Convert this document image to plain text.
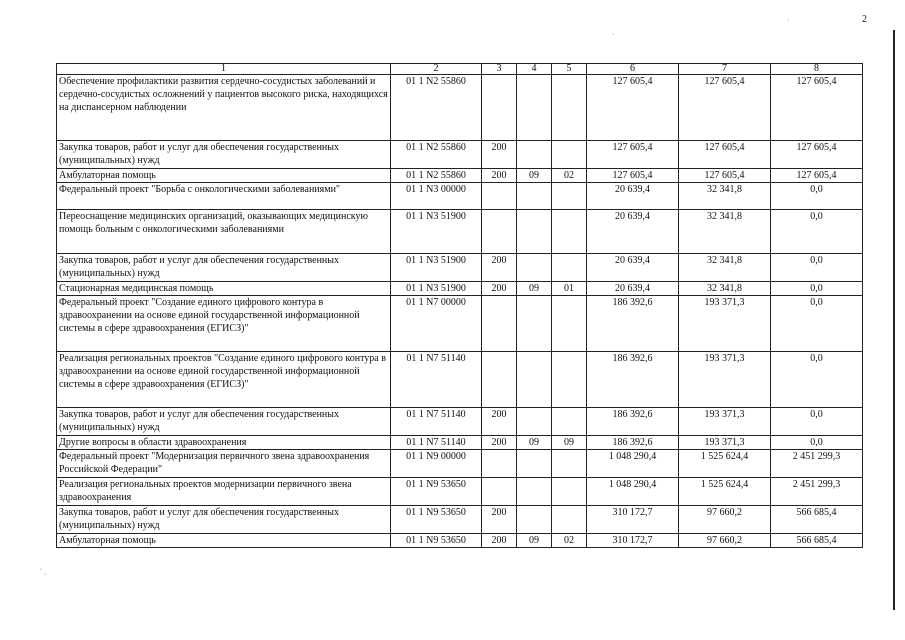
2
·
·
׳ ˎ
1	2	3	4	5	6	7	8
Обеспечение профилактики развития сердечно-сосудистых заболеваний и сердечно-сосудистых осложнений у пациентов высокого риска, находящихся на диспансерном наблюдении	01 1 N2 55860				127 605,4	127 605,4	127 605,4
Закупка товаров, работ и услуг для обеспечения государственных (муниципальных) нужд	01 1 N2 55860	200			127 605,4	127 605,4	127 605,4
Амбулаторная помощь	01 1 N2 55860	200	09	02	127 605,4	127 605,4	127 605,4
Федеральный проект "Борьба с онкологическими заболеваниями"	01 1 N3 00000				20 639,4	32 341,8	0,0
Переоснащение медицинских организаций, оказывающих медицинскую помощь больным с онкологическими заболеваниями	01 1 N3 51900				20 639,4	32 341,8	0,0
Закупка товаров, работ и услуг для обеспечения государственных (муниципальных) нужд	01 1 N3 51900	200			20 639,4	32 341,8	0,0
Стационарная медицинская помощь	01 1 N3 51900	200	09	01	20 639,4	32 341,8	0,0
Федеральный проект "Создание единого цифрового контура в здравоохранении на основе единой государственной информационной системы в сфере здравоохранения (ЕГИСЗ)"	01 1 N7 00000				186 392,6	193 371,3	0,0
Реализация региональных проектов "Создание единого цифрового контура в здравоохранении на основе единой государственной информационной системы в сфере здравоохранения (ЕГИСЗ)"	01 1 N7 51140				186 392,6	193 371,3	0,0
Закупка товаров, работ и услуг для обеспечения государственных (муниципальных) нужд	01 1 N7 51140	200			186 392,6	193 371,3	0,0
Другие вопросы в области здравоохранения	01 1 N7 51140	200	09	09	186 392,6	193 371,3	0,0
Федеральный проект "Модернизация первичного звена здравоохранения Российской Федерации"	01 1 N9 00000				1 048 290,4	1 525 624,4	2 451 299,3
Реализация региональных проектов модернизации первичного звена здравоохранения	01 1 N9 53650				1 048 290,4	1 525 624,4	2 451 299,3
Закупка товаров, работ и услуг для обеспечения государственных (муниципальных) нужд	01 1 N9 53650	200			310 172,7	97 660,2	566 685,4
Амбулаторная помощь	01 1 N9 53650	200	09	02	310 172,7	97 660,2	566 685,4
